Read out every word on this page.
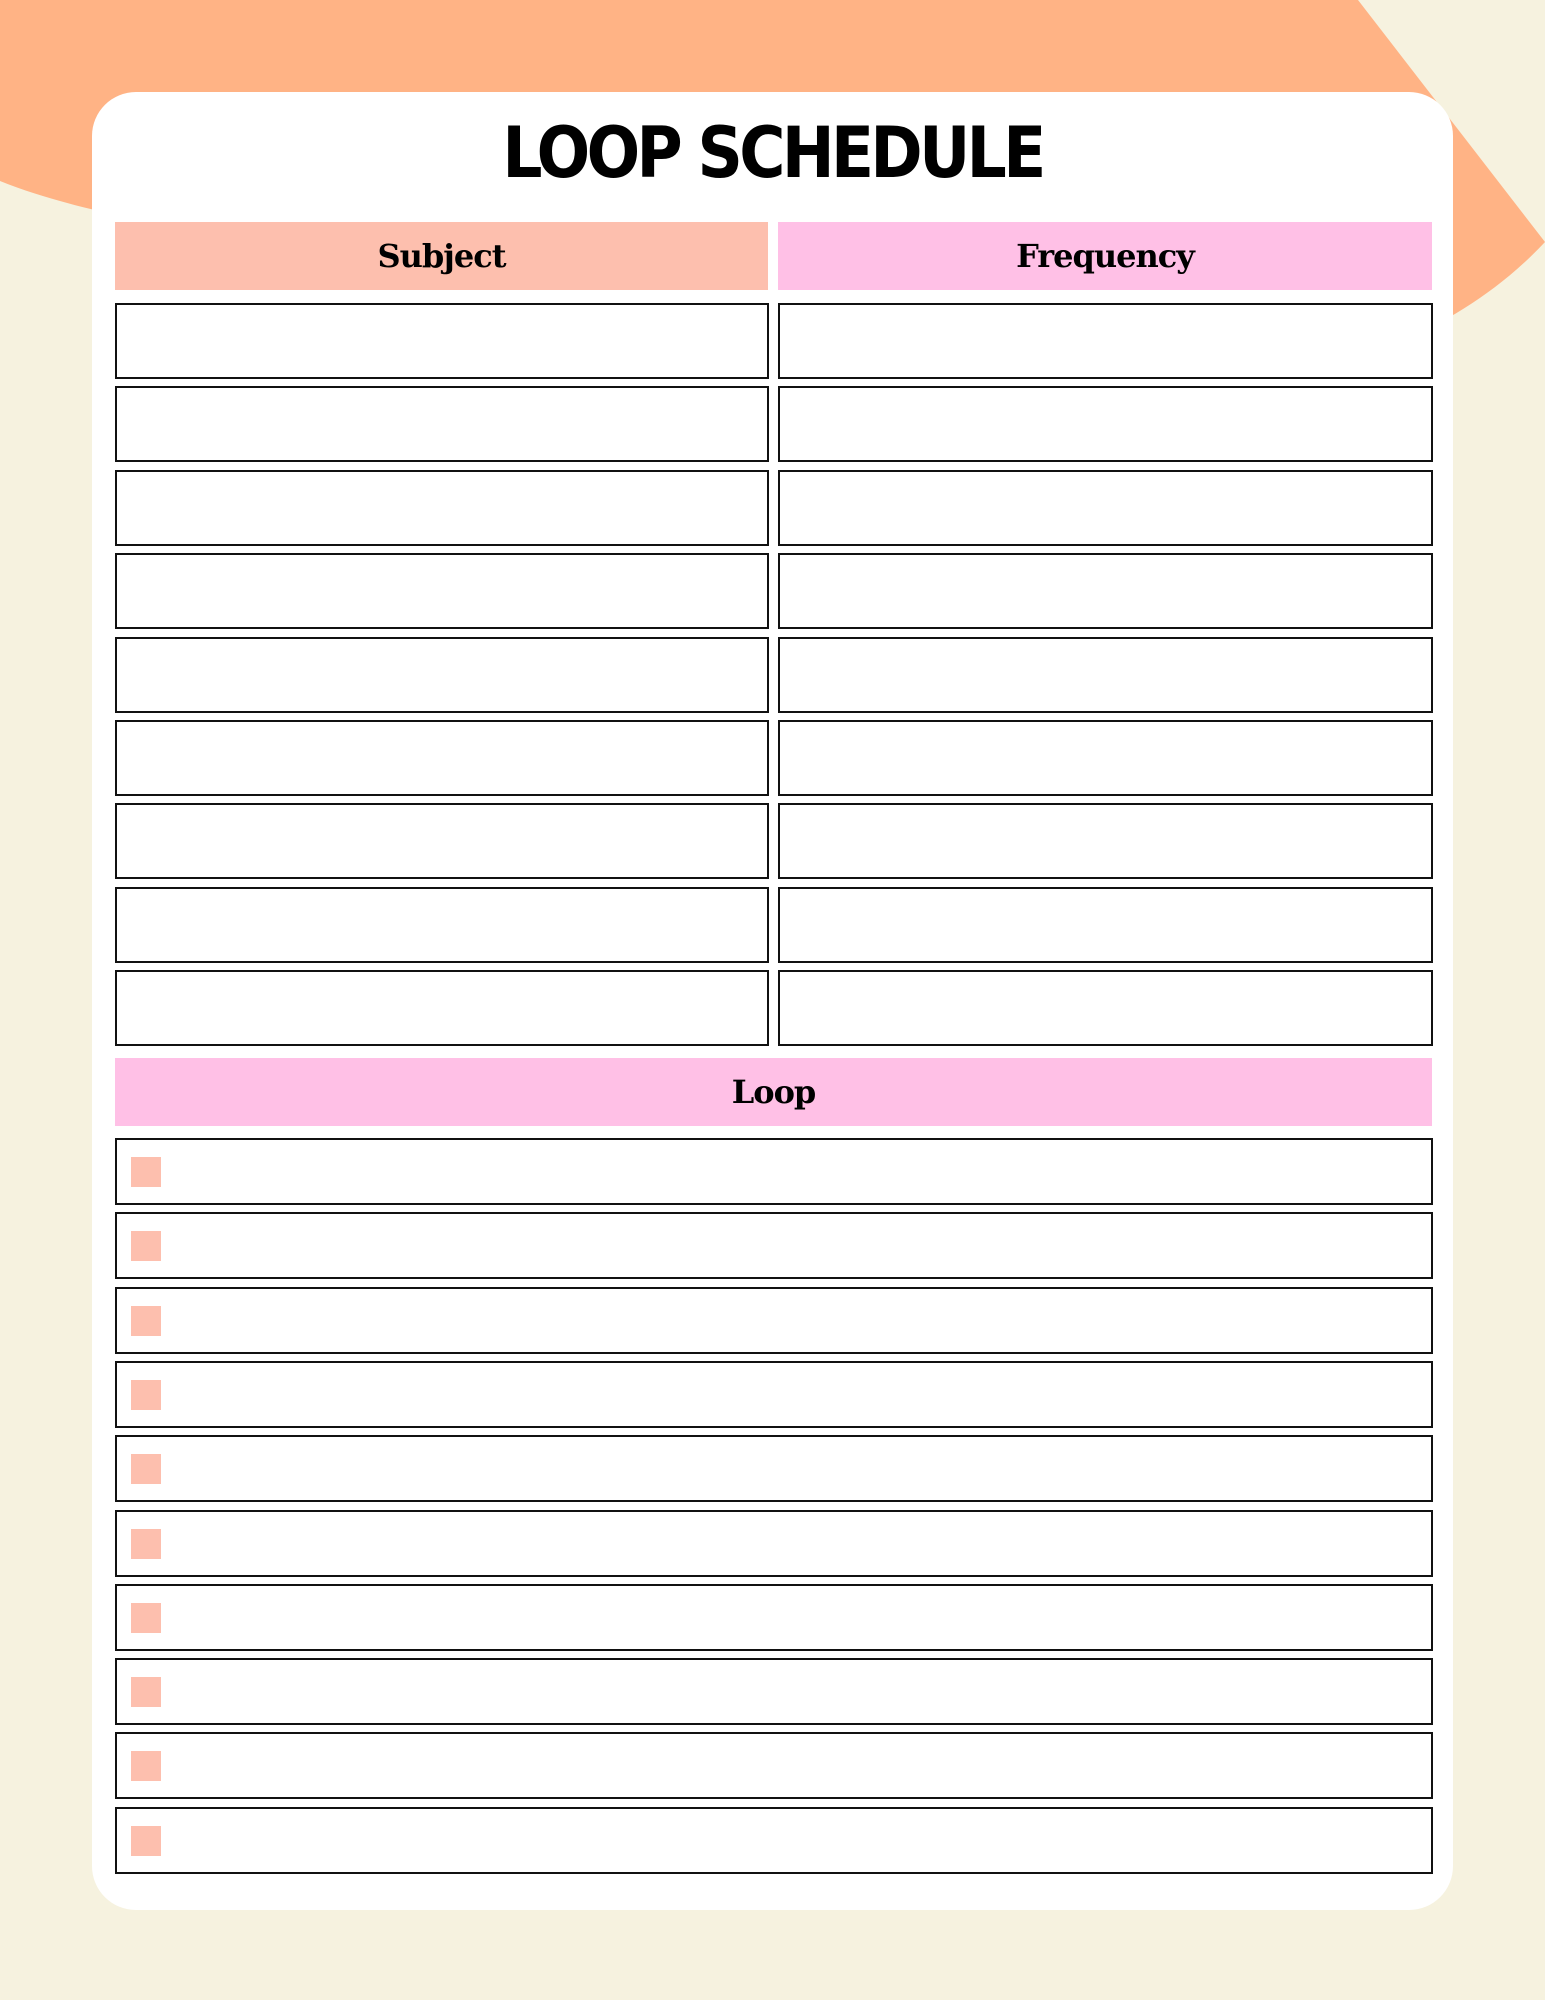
LOOP SCHEDULE
Subject	Frequency
Loop
